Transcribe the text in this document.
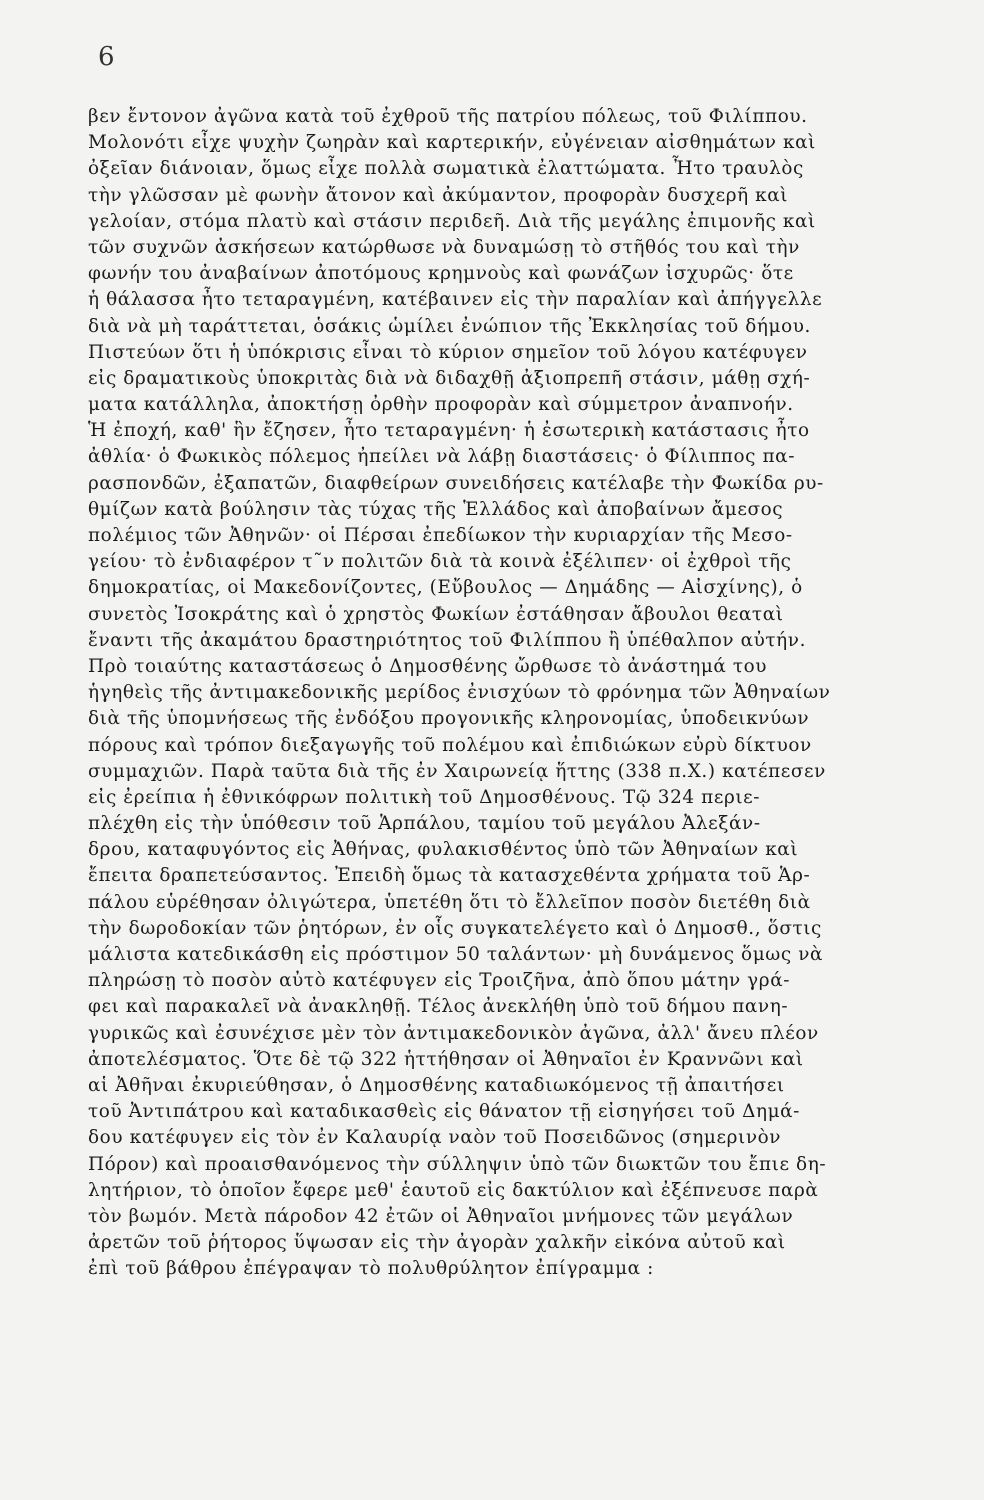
6
βεν ἔντονον ἀγῶνα κατὰ τοῦ ἐχθροῦ τῆς πατρίου πόλεως, τοῦ Φιλίππου.
Μολονότι εἶχε ψυχὴν ζωηρὰν καὶ καρτερικήν, εὐγένειαν αἰσθημάτων καὶ
ὀξεῖαν διάνοιαν, ὅμως εἶχε πολλὰ σωματικὰ ἐλαττώματα. Ἦτο τραυλὸς
τὴν γλῶσσαν μὲ φωνὴν ἄτονον καὶ ἀκύμαντον, προφορὰν δυσχερῆ καὶ
γελοίαν, στόμα πλατὺ καὶ στάσιν περιδεῆ. Διὰ τῆς μεγάλης ἐπιμονῆς καὶ
τῶν συχνῶν ἀσκήσεων κατώρθωσε νὰ δυναμώσῃ τὸ στῆθός του καὶ τὴν
φωνήν του ἀναβαίνων ἀποτόμους κρημνοὺς καὶ φωνάζων ἰσχυρῶς· ὅτε
ἡ θάλασσα ἦτο τεταραγμένη, κατέβαινεν εἰς τὴν παραλίαν καὶ ἀπήγγελλε
διὰ νὰ μὴ ταράττεται, ὁσάκις ὡμίλει ἐνώπιον τῆς Ἐκκλησίας τοῦ δήμου.
Πιστεύων ὅτι ἡ ὑπόκρισις εἶναι τὸ κύριον σημεῖον τοῦ λόγου κατέφυγεν
εἰς δραματικοὺς ὑποκριτὰς διὰ νὰ διδαχθῇ ἀξιοπρεπῆ στάσιν, μάθῃ σχή-
ματα κατάλληλα, ἀποκτήσῃ ὀρθὴν προφορὰν καὶ σύμμετρον ἀναπνοήν.
Ἡ ἐποχή, καθ' ἣν ἔζησεν, ἦτο τεταραγμένη· ἡ ἐσωτερικὴ κατάστασις ἦτο
ἀθλία· ὁ Φωκικὸς πόλεμος ἠπείλει νὰ λάβῃ διαστάσεις· ὁ Φίλιππος πα-
ρασπονδῶν, ἐξαπατῶν, διαφθείρων συνειδήσεις κατέλαβε τὴν Φωκίδα ρυ-
θμίζων κατὰ βούλησιν τὰς τύχας τῆς Ἑλλάδος καὶ ἀποβαίνων ἄμεσος
πολέμιος τῶν Ἀθηνῶν· οἱ Πέρσαι ἐπεδίωκον τὴν κυριαρχίαν τῆς Μεσο-
γείου· τὸ ἐνδιαφέρον τ῀ν πολιτῶν διὰ τὰ κοινὰ ἐξέλιπεν· οἱ ἐχθροὶ τῆς
δημοκρατίας, οἱ Μακεδονίζοντες, (Εὔβουλος — Δημάδης — Αἰσχίνης), ὁ
συνετὸς Ἰσοκράτης καὶ ὁ χρηστὸς Φωκίων ἐστάθησαν ἄβουλοι θεαταὶ
ἔναντι τῆς ἀκαμάτου δραστηριότητος τοῦ Φιλίππου ἢ ὑπέθαλπον αὐτήν.
Πρὸ τοιαύτης καταστάσεως ὁ Δημοσθένης ὤρθωσε τὸ ἀνάστημά του
ἡγηθεὶς τῆς ἀντιμακεδονικῆς μερίδος ἐνισχύων τὸ φρόνημα τῶν Ἀθηναίων
διὰ τῆς ὑπομνήσεως τῆς ἐνδόξου προγονικῆς κληρονομίας, ὑποδεικνύων
πόρους καὶ τρόπον διεξαγωγῆς τοῦ πολέμου καὶ ἐπιδιώκων εὐρὺ δίκτυον
συμμαχιῶν. Παρὰ ταῦτα διὰ τῆς ἐν Χαιρωνείᾳ ἥττης (338 π.Χ.) κατέπεσεν
εἰς ἐρείπια ἡ ἐθνικόφρων πολιτικὴ τοῦ Δημοσθένους. Τῷ 324 περιε-
πλέχθη εἰς τὴν ὑπόθεσιν τοῦ Ἁρπάλου, ταμίου τοῦ μεγάλου Ἀλεξάν-
δρου, καταφυγόντος εἰς Ἀθήνας, φυλακισθέντος ὑπὸ τῶν Ἀθηναίων καὶ
ἔπειτα δραπετεύσαντος. Ἐπειδὴ ὅμως τὰ κατασχεθέντα χρήματα τοῦ Ἁρ-
πάλου εὑρέθησαν ὀλιγώτερα, ὑπετέθη ὅτι τὸ ἔλλεῖπον ποσὸν διετέθη διὰ
τὴν δωροδοκίαν τῶν ῥητόρων, ἐν οἷς συγκατελέγετο καὶ ὁ Δημοσθ., ὅστις
μάλιστα κατεδικάσθη εἰς πρόστιμον 50 ταλάντων· μὴ δυνάμενος ὅμως νὰ
πληρώσῃ τὸ ποσὸν αὐτὸ κατέφυγεν εἰς Τροιζῆνα, ἀπὸ ὅπου μάτην γρά-
φει καὶ παρακαλεῖ νὰ ἀνακληθῇ. Τέλος ἀνεκλήθη ὑπὸ τοῦ δήμου πανη-
γυρικῶς καὶ ἐσυνέχισε μὲν τὸν ἀντιμακεδονικὸν ἀγῶνα, ἀλλ' ἄνευ πλέον
ἀποτελέσματος. Ὅτε δὲ τῷ 322 ἡττήθησαν οἱ Ἀθηναῖοι ἐν Κραννῶνι καὶ
αἱ Ἀθῆναι ἐκυριεύθησαν, ὁ Δημοσθένης καταδιωκόμενος τῇ ἀπαιτήσει
τοῦ Ἀντιπάτρου καὶ καταδικασθεὶς εἰς θάνατον τῇ εἰσηγήσει τοῦ Δημά-
δου κατέφυγεν εἰς τὸν ἐν Καλαυρίᾳ ναὸν τοῦ Ποσειδῶνος (σημερινὸν
Πόρον) καὶ προαισθανόμενος τὴν σύλληψιν ὑπὸ τῶν διωκτῶν του ἔπιε δη-
λητήριον, τὸ ὁποῖον ἔφερε μεθ' ἑαυτοῦ εἰς δακτύλιον καὶ ἐξέπνευσε παρὰ
τὸν βωμόν. Μετὰ πάροδον 42 ἐτῶν οἱ Ἀθηναῖοι μνήμονες τῶν μεγάλων
ἀρετῶν τοῦ ῥήτορος ὕψωσαν εἰς τὴν ἀγορὰν χαλκῆν εἰκόνα αὐτοῦ καὶ
ἐπὶ τοῦ βάθρου ἐπέγραψαν τὸ πολυθρύλητον ἐπίγραμμα :
